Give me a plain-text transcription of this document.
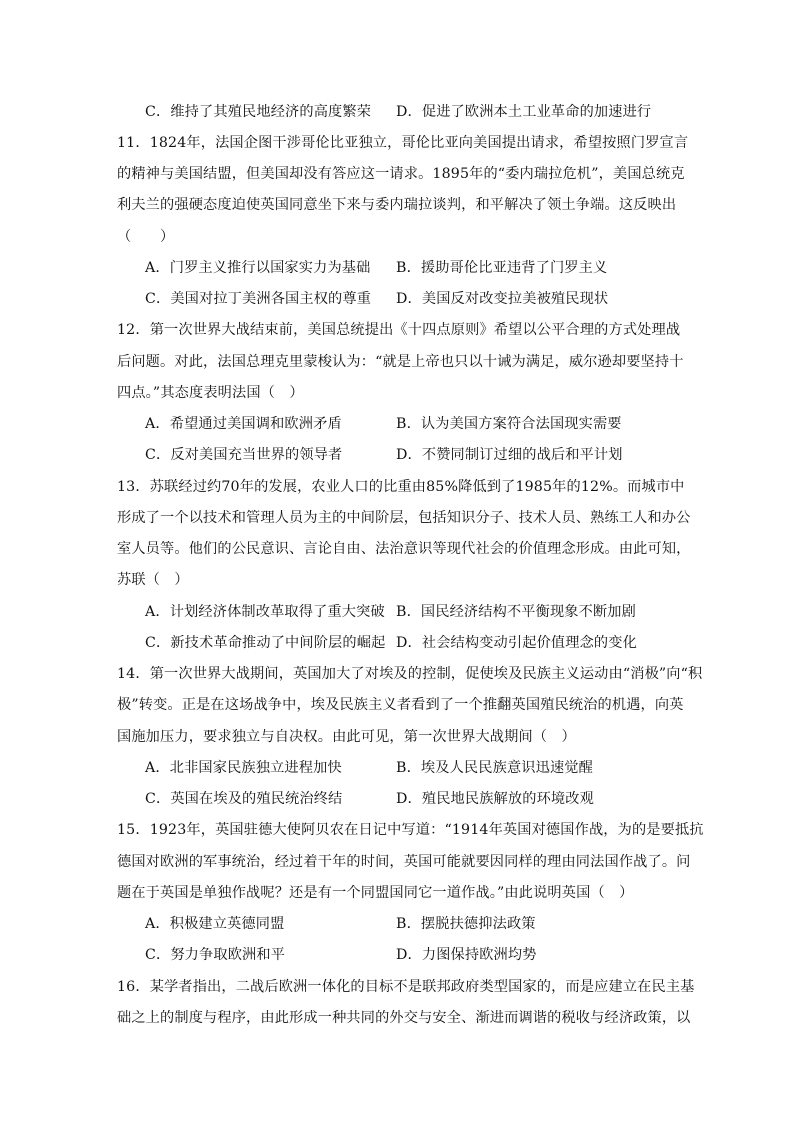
C．维持了其殖民地经济的高度繁荣 D．促进了欧洲本土工业革命的加速进行
11．1824年，法国企图干涉哥伦比亚独立，哥伦比亚向美国提出请求，希望按照门罗宣言
的精神与美国结盟，但美国却没有答应这一请求。1895年的“委内瑞拉危机”，美国总统克
利夫兰的强硬态度迫使英国同意坐下来与委内瑞拉谈判，和平解决了领土争端。这反映出
（　　）
A．门罗主义推行以国家实力为基础 B．援助哥伦比亚违背了门罗主义
C．美国对拉丁美洲各国主权的尊重 D．美国反对改变拉美被殖民现状
12．第一次世界大战结束前，美国总统提出《十四点原则》希望以公平合理的方式处理战
后问题。对此，法国总理克里蒙梭认为：“就是上帝也只以十诫为满足，威尔逊却要坚持十
四点。”其态度表明法国（　）
A．希望通过美国调和欧洲矛盾	B．认为美国方案符合法国现实需要
C．反对美国充当世界的领导者	D．不赞同制订过细的战后和平计划
13．苏联经过约70年的发展，农业人口的比重由85%降低到了1985年的12%。而城市中
形成了一个以技术和管理人员为主的中间阶层，包括知识分子、技术人员、熟练工人和办公
室人员等。他们的公民意识、言论自由、法治意识等现代社会的价值理念形成。由此可知，
苏联（　）
A．计划经济体制改革取得了重大突破 B．国民经济结构不平衡现象不断加剧
C．新技术革命推动了中间阶层的崛起 D．社会结构变动引起价值理念的变化
14．第一次世界大战期间，英国加大了对埃及的控制，促使埃及民族主义运动由“消极”向“积
极”转变。正是在这场战争中，埃及民族主义者看到了一个推翻英国殖民统治的机遇，向英
国施加压力，要求独立与自决权。由此可见，第一次世界大战期间（　）
A．北非国家民族独立进程加快	B．埃及人民民族意识迅速觉醒
C．英国在埃及的殖民统治终结	D．殖民地民族解放的环境改观
15．1923年，英国驻德大使阿贝农在日记中写道：“1914年英国对德国作战，为的是要抵抗
德国对欧洲的军事统治，经过着干年的时间，英国可能就要因同样的理由同法国作战了。问
题在于英国是单独作战呢？还是有一个同盟国同它一道作战。”由此说明英国（　）
A．积极建立英德同盟	B．摆脱扶德抑法政策
C．努力争取欧洲和平	D．力图保持欧洲均势
16．某学者指出，二战后欧洲一体化的目标不是联邦政府类型国家的，而是应建立在民主基
础之上的制度与程序，由此形成一种共同的外交与安全、渐进而调谐的税收与经济政策，以
